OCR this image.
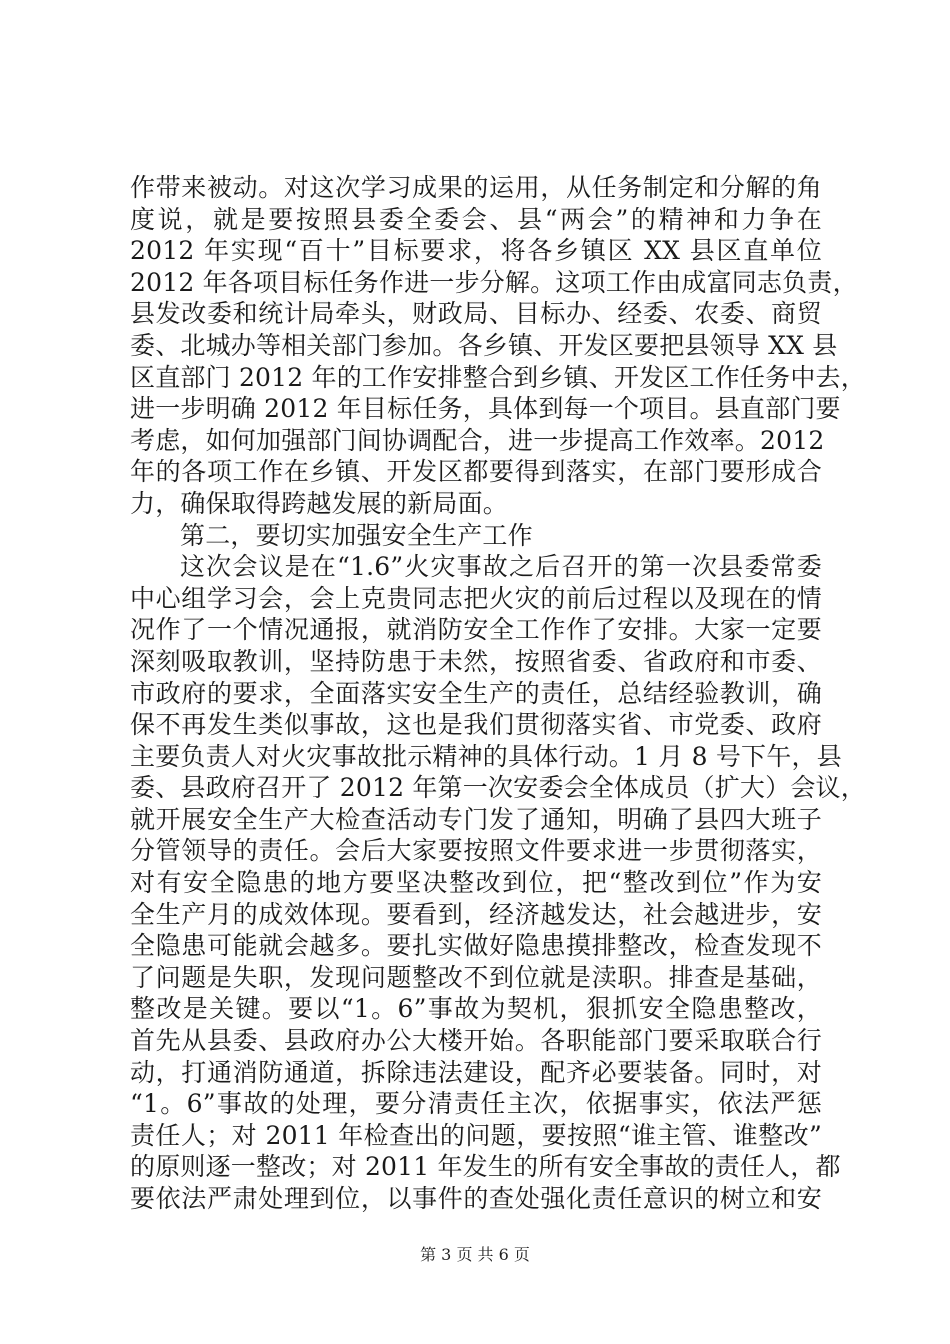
作带来被动。对这次学习成果的运用，从任务制定和分解的角
度说，就是要按照县委全委会、县“两会”的精神和力争在
2012 年实现“百十”目标要求，将各乡镇区 XX 县区直单位
2012 年各项目标任务作进一步分解。这项工作由成富同志负责，
县发改委和统计局牵头，财政局、目标办、经委、农委、商贸
委、北城办等相关部门参加。各乡镇、开发区要把县领导 XX 县
区直部门 2012 年的工作安排整合到乡镇、开发区工作任务中去，
进一步明确 2012 年目标任务，具体到每一个项目。县直部门要
考虑，如何加强部门间协调配合，进一步提高工作效率。2012
年的各项工作在乡镇、开发区都要得到落实，在部门要形成合
力，确保取得跨越发展的新局面。
第二，要切实加强安全生产工作
这次会议是在“1.6”火灾事故之后召开的第一次县委常委
中心组学习会，会上克贵同志把火灾的前后过程以及现在的情
况作了一个情况通报，就消防安全工作作了安排。大家一定要
深刻吸取教训，坚持防患于未然，按照省委、省政府和市委、
市政府的要求，全面落实安全生产的责任，总结经验教训，确
保不再发生类似事故，这也是我们贯彻落实省、市党委、政府
主要负责人对火灾事故批示精神的具体行动。1 月 8 号下午，县
委、县政府召开了 2012 年第一次安委会全体成员（扩大）会议，
就开展安全生产大检查活动专门发了通知，明确了县四大班子
分管领导的责任。会后大家要按照文件要求进一步贯彻落实，
对有安全隐患的地方要坚决整改到位，把“整改到位”作为安
全生产月的成效体现。要看到，经济越发达，社会越进步，安
全隐患可能就会越多。要扎实做好隐患摸排整改，检查发现不
了问题是失职，发现问题整改不到位就是渎职。排查是基础，
整改是关键。要以“1。6”事故为契机，狠抓安全隐患整改，
首先从县委、县政府办公大楼开始。各职能部门要采取联合行
动，打通消防通道，拆除违法建设，配齐必要装备。同时，对
“1。6”事故的处理，要分清责任主次，依据事实，依法严惩
责任人；对 2011 年检查出的问题，要按照“谁主管、谁整改”
的原则逐一整改；对 2011 年发生的所有安全事故的责任人，都
要依法严肃处理到位，以事件的查处强化责任意识的树立和安
第 3 页 共 6 页
